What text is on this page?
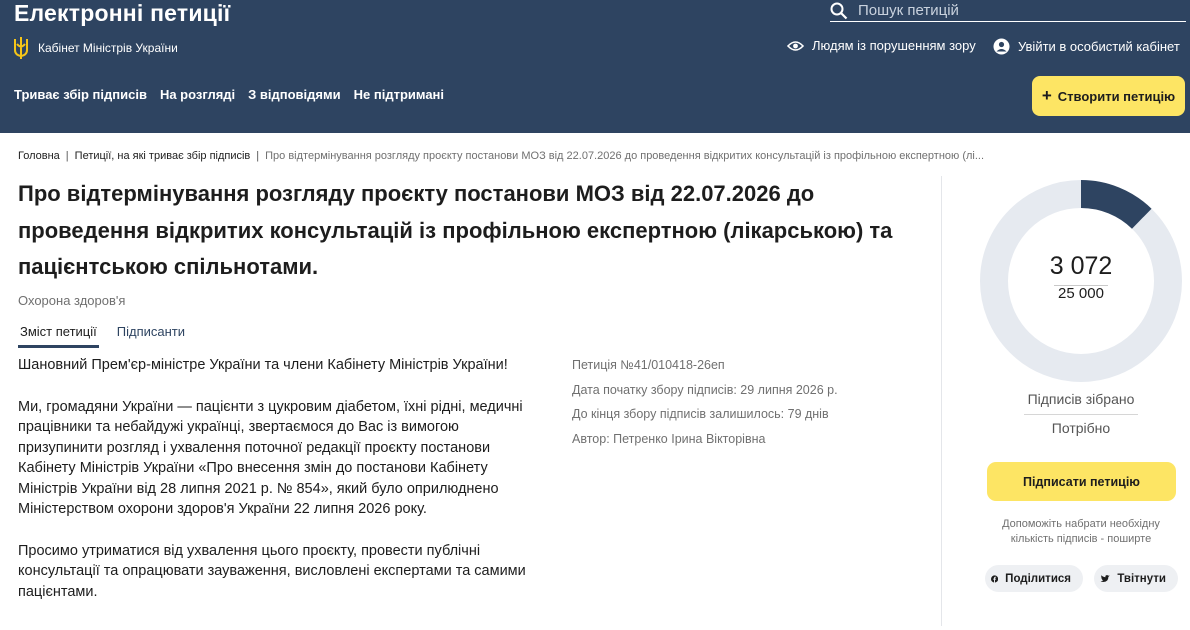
Електронні петиції
Кабінет Міністрів України
Пошук петицій	Людям із порушенням зору	Увійти в особистий кабінет
Триває збір підписів На розгляді З відповідями Не підтримані	+ Створити петицію
Головна | Петиції, на які триває збір підписів | Про відтермінування розгляду проєкту постанови МОЗ від 22.07.2026 до проведення відкритих консультацій із профільною експертною (лі...
Про відтермінування розгляду проєкту постанови МОЗ від 22.07.2026 до проведення відкритих консультацій із профільною експертною (лікарською) та пацієнтською спільнотами.
Охорона здоров'я
Зміст петиції Підписанти

Шановний Прем'єр-міністре України та члени Кабінету Міністрів України!

Ми, громадяни України — пацієнти з цукровим діабетом, їхні рідні, медичні працівники та небайдужі українці, звертаємося до Вас із вимогою призупинити розгляд і ухвалення поточної редакції проєкту постанови Кабінету Міністрів України «Про внесення змін до постанови Кабінету Міністрів України від 28 липня 2021 р. № 854», який було оприлюднено Міністерством охорони здоров'я України 22 липня 2026 року.

Просимо утриматися від ухвалення цього проєкту, провести публічні консультації та опрацювати зауваження, висловлені експертами та самими пацієнтами.

Петиція №41/010418-26еп
Дата початку збору підписів: 29 липня 2026 р.
До кінця збору підписів залишилось: 79 днів
Автор: Петренко Ірина Вікторівна
3 072
25 000
Підписів зібрано
Потрібно
Підписати петицію
Допоможіть набрати необхідну кількість підписів - поширте
Поділитися	Твітнути
